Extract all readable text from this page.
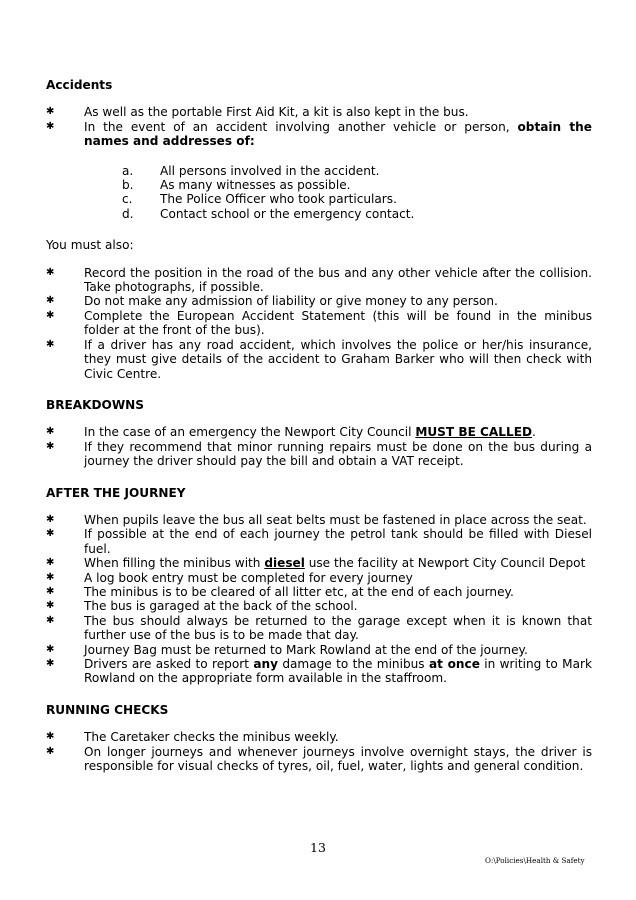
Accidents

✱ As well as the portable First Aid Kit, a kit is also kept in the bus.
✱ In the event of an accident involving another vehicle or person, obtain the names and addresses of:
a. All persons involved in the accident.
b. As many witnesses as possible.
c. The Police Officer who took particulars.
d. Contact school or the emergency contact.

You must also:

✱ Record the position in the road of the bus and any other vehicle after the collision. Take photographs, if possible.
✱ Do not make any admission of liability or give money to any person.
✱ Complete the European Accident Statement (this will be found in the minibus folder at the front of the bus).
✱ If a driver has any road accident, which involves the police or her/his insurance, they must give details of the accident to Graham Barker who will then check with Civic Centre.

BREAKDOWNS

✱ In the case of an emergency the Newport City Council MUST BE CALLED.
✱ If they recommend that minor running repairs must be done on the bus during a journey the driver should pay the bill and obtain a VAT receipt.

AFTER THE JOURNEY

✱ When pupils leave the bus all seat belts must be fastened in place across the seat.
✱ If possible at the end of each journey the petrol tank should be filled with Diesel fuel.
✱ When filling the minibus with diesel use the facility at Newport City Council Depot
✱ A log book entry must be completed for every journey
✱ The minibus is to be cleared of all litter etc, at the end of each journey.
✱ The bus is garaged at the back of the school.
✱ The bus should always be returned to the garage except when it is known that further use of the bus is to be made that day.
✱ Journey Bag must be returned to Mark Rowland at the end of the journey.
✱ Drivers are asked to report any damage to the minibus at once in writing to Mark Rowland on the appropriate form available in the staffroom.

RUNNING CHECKS

✱ The Caretaker checks the minibus weekly.
✱ On longer journeys and whenever journeys involve overnight stays, the driver is responsible for visual checks of tyres, oil, fuel, water, lights and general condition.
13
O:\Policies\Health & Safety
